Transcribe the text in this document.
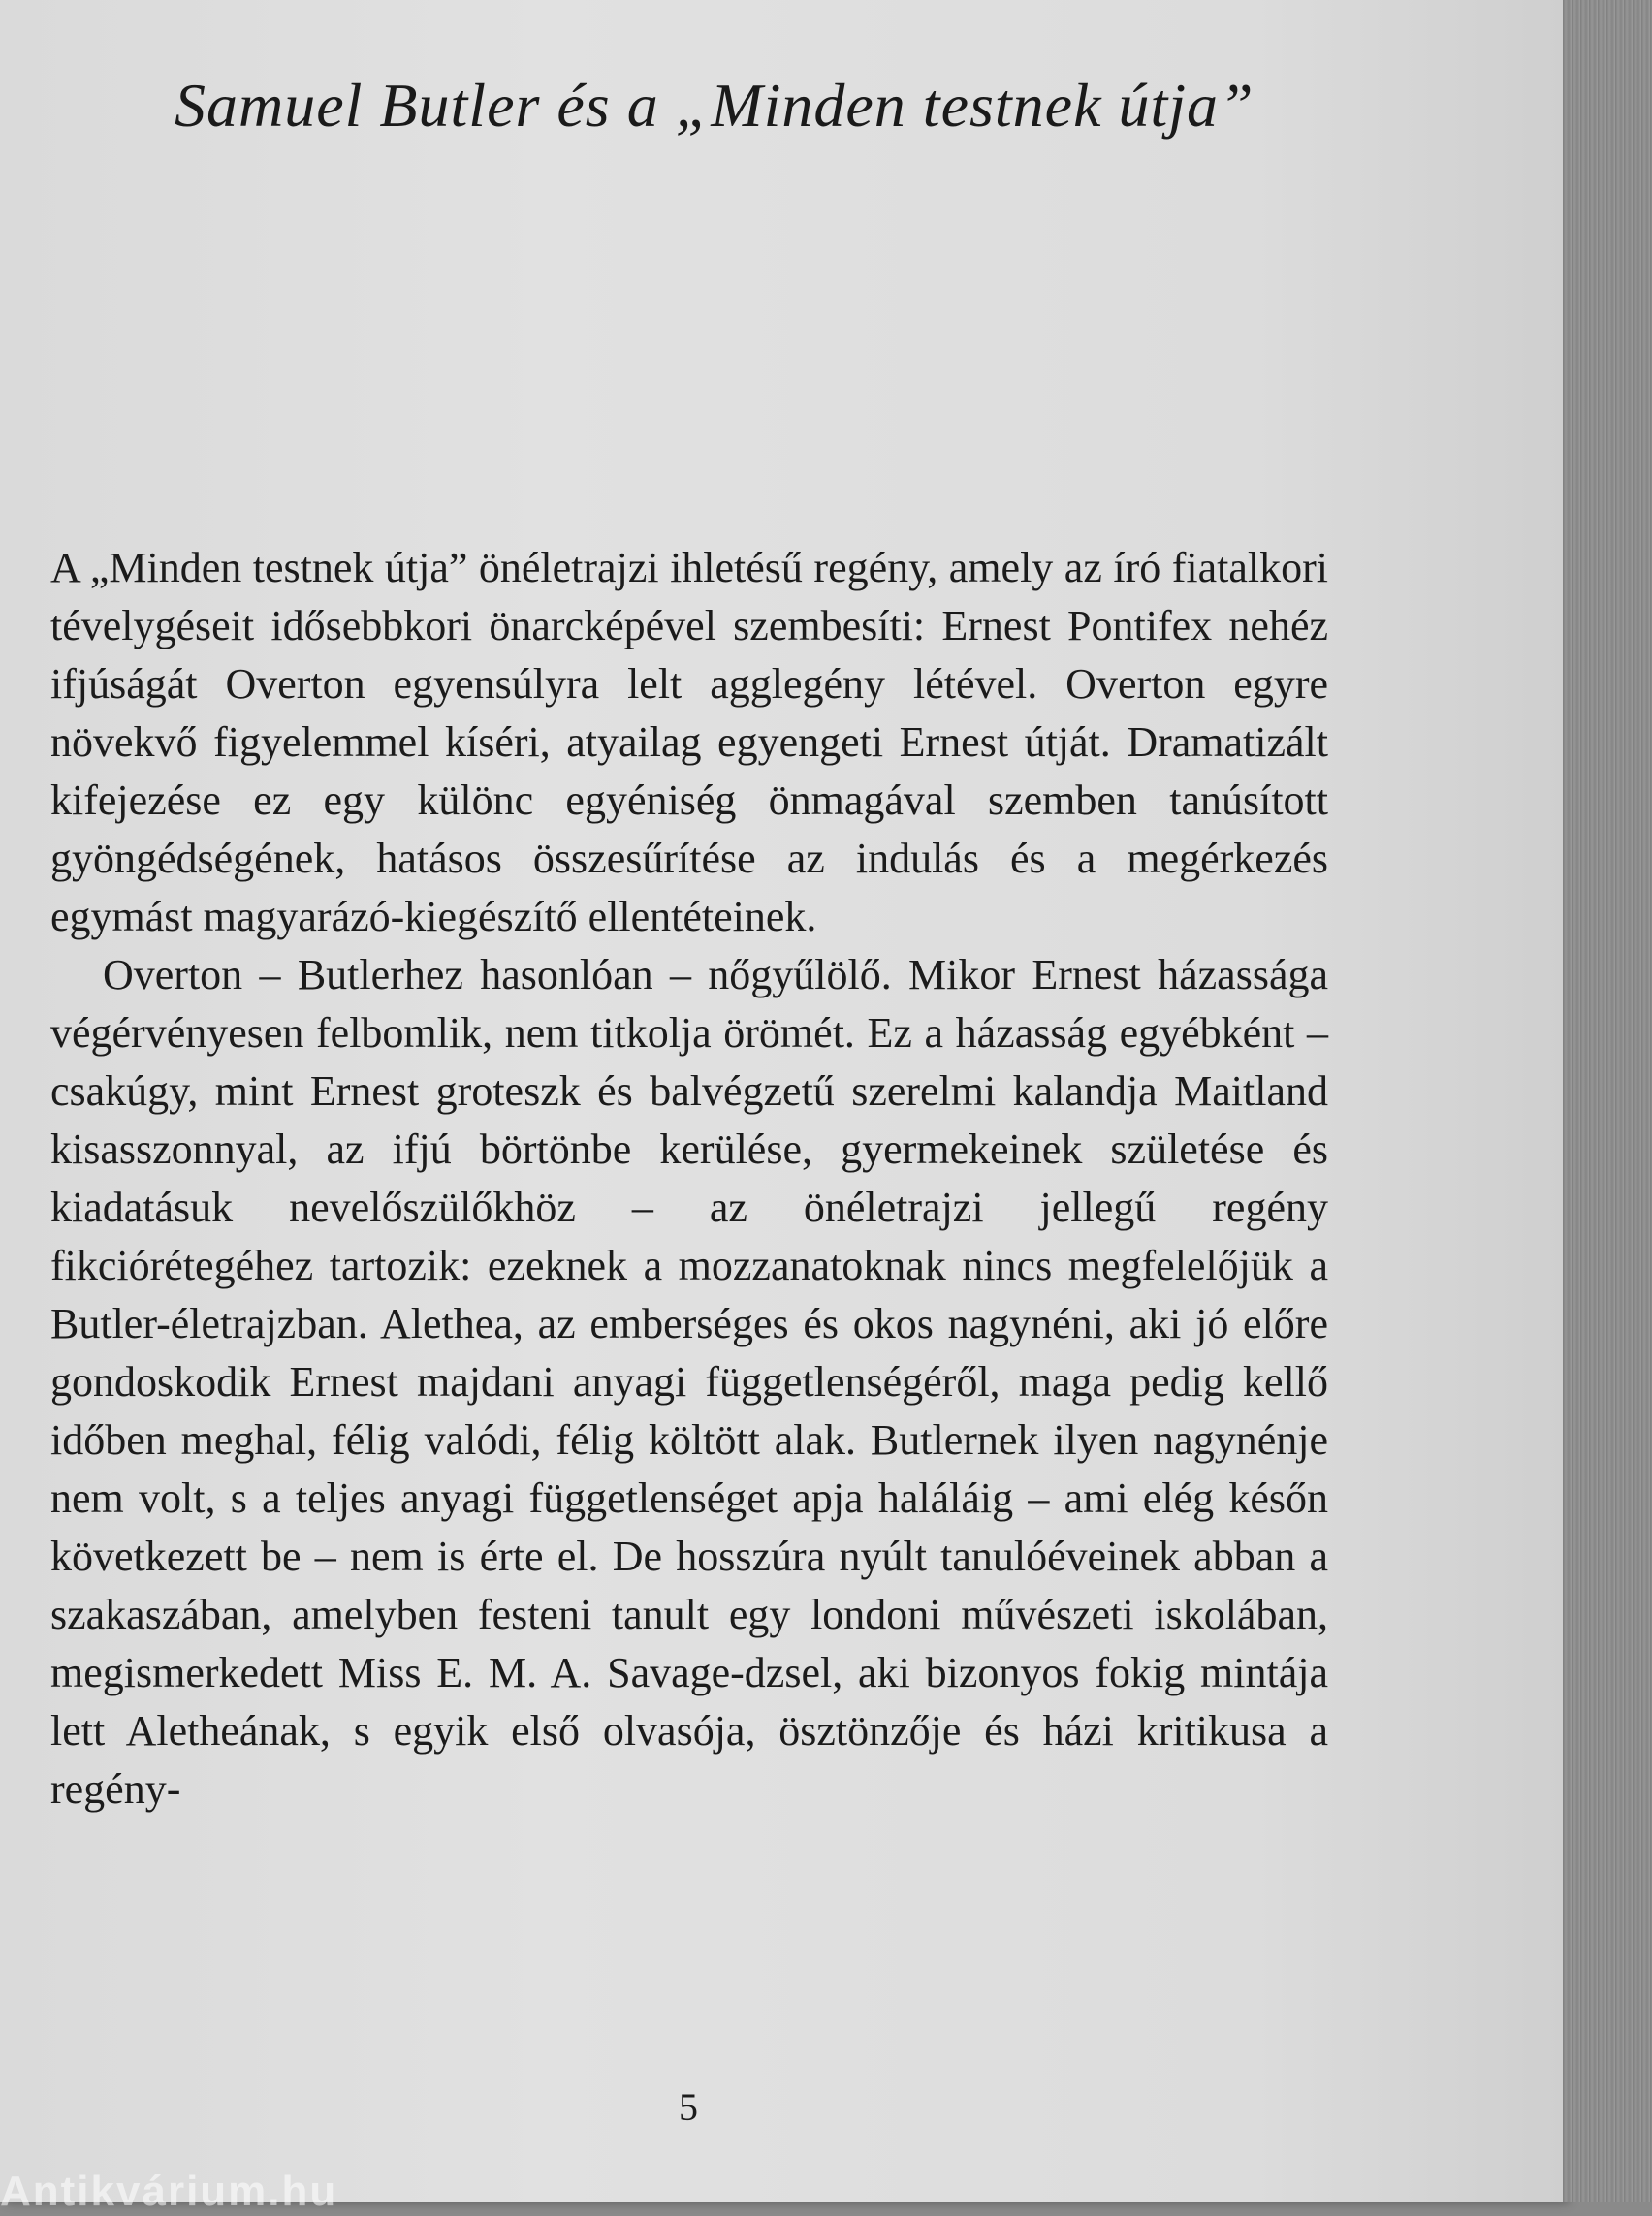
Samuel Butler és a „Minden testnek útja”

A „Minden testnek útja” önéletrajzi ihletésű regény, amely az író fiatalkori tévelygéseit idősebbkori önarcképével szembesíti: Ernest Pontifex nehéz ifjúságát Overton egyensúlyra lelt agglegény létével. Overton egyre növekvő figyelemmel kíséri, atyailag egyengeti Ernest útját. Dramatizált kifejezése ez egy különc egyéniség önmagával szemben tanúsított gyöngédségének, hatásos összesűrítése az indulás és a megérkezés egymást magyarázó-kiegészítő ellentéteinek.

Overton – Butlerhez hasonlóan – nőgyűlölő. Mikor Ernest házassága végérvényesen felbomlik, nem titkolja örömét. Ez a házasság egyébként – csakúgy, mint Ernest groteszk és balvégzetű szerelmi kalandja Maitland kisasszonnyal, az ifjú börtönbe kerülése, gyermekeinek születése és kiadatásuk nevelőszülőkhöz – az önéletrajzi jellegű regény fikciórétegéhez tartozik: ezeknek a mozzanatoknak nincs megfelelőjük a Butler-életrajzban. Alethea, az emberséges és okos nagynéni, aki jó előre gondoskodik Ernest majdani anyagi függetlenségéről, maga pedig kellő időben meghal, félig valódi, félig költött alak. Butlernek ilyen nagynénje nem volt, s a teljes anyagi függetlenséget apja haláláig – ami elég későn következett be – nem is érte el. De hosszúra nyúlt tanulóéveinek abban a szakaszában, amelyben festeni tanult egy londoni művészeti iskolában, megismerkedett Miss E. M. A. Savage-dzsel, aki bizonyos fokig mintája lett Aletheának, s egyik első olvasója, ösztönzője és házi kritikusa a regény-

5
Antikvárium.hu
